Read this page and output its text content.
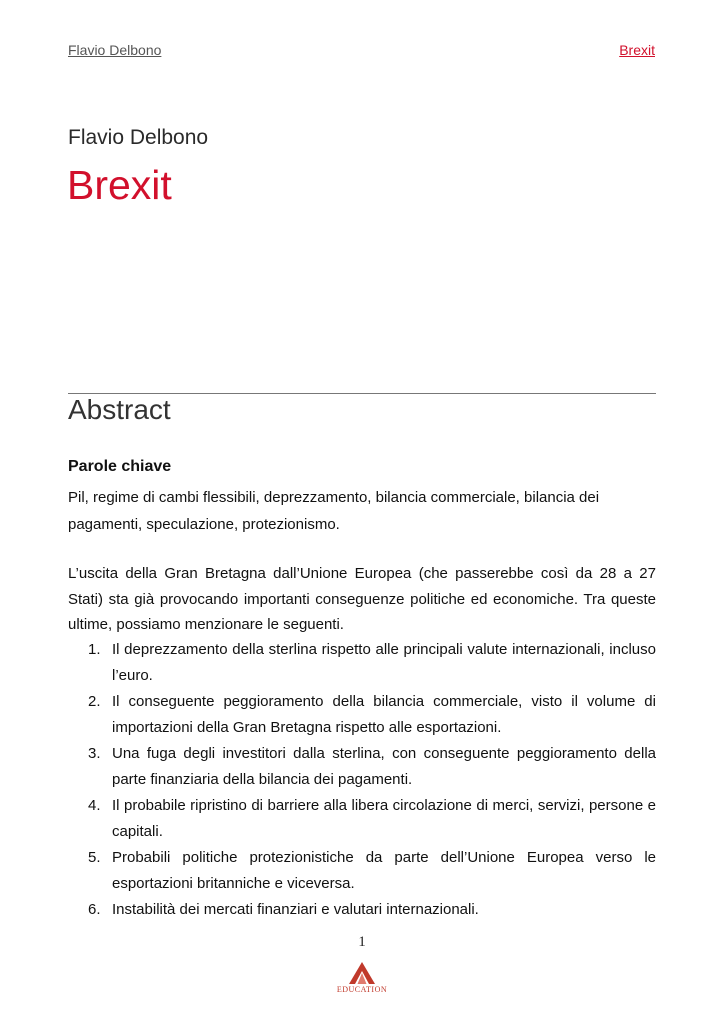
Flavio Delbono	Brexit
Flavio Delbono
Brexit
Abstract
Parole chiave
Pil, regime di cambi flessibili, deprezzamento, bilancia commerciale, bilancia dei pagamenti, speculazione, protezionismo.
L’uscita della Gran Bretagna dall’Unione Europea (che passerebbe così da 28 a 27 Stati) sta già provocando importanti conseguenze politiche ed economiche. Tra queste ultime, possiamo menzionare le seguenti.
1. Il deprezzamento della sterlina rispetto alle principali valute internazionali, incluso l’euro.
2. Il conseguente peggioramento della bilancia commerciale, visto il volume di importazioni della Gran Bretagna rispetto alle esportazioni.
3. Una fuga degli investitori dalla sterlina, con conseguente peggioramento della parte finanziaria della bilancia dei pagamenti.
4. Il probabile ripristino di barriere alla libera circolazione di merci, servizi, persone e capitali.
5. Probabili politiche protezionistiche da parte dell’Unione Europea verso le esportazioni britanniche e viceversa.
6. Instabilità dei mercati finanziari e valutari internazionali.
1
EDUCATION
